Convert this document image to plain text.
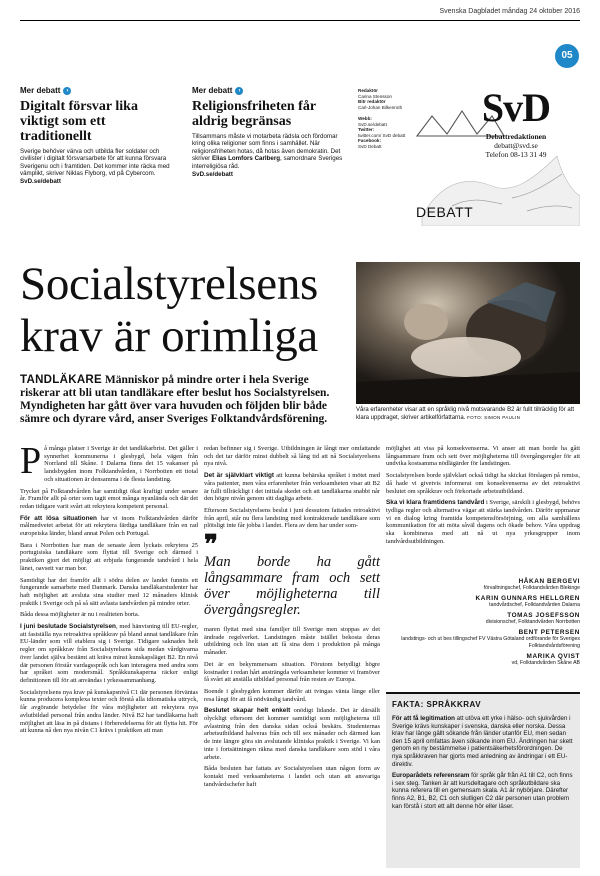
Svenska Dagbladet måndag 24 oktober 2016
05
Mer debatt ›
Digitalt försvar lika viktigt som ett traditionellt
Sverige behöver värva och utbilda fler soldater och civilister i digitalt försvarsarbete för att kunna försvara Sverigenu och i framtiden. Det kommer inte räcka med vämplikt, skriver Niklas Flyborg, vd på Cybercom.
SvD.se/debatt
Mer debatt ›
Religionsfriheten får aldrig begränsas
Tillsammans måste vi motarbeta rädsla och fördomar kring olika religioner som finns i samhället. När religionsfriheten hotas, då hotas även demokratin. Det skriver Elias Lomfors Carlberg, samordnare Sveriges interreligiösa råd.
SvD.se/debatt
Redaktör
Carina Stensson
Bitr redaktör
Carl-Johan Bilkenroth

Webb:
SvD.se/debatt
Twitter:
twitter.com/ SvD debatt
Facebook:
SvD Debatt
SvD
Debattredaktionen
debatt@svd.se
Telefon 08-13 31 49
DEBATT
Socialstyrelsens
krav är orimliga
TANDLÄKARE Människor på mindre orter i hela Sverige riskerar att bli utan tandläkare efter beslut hos Socialstyrelsen. Myndigheten har gått över vara huvuden och följden blir både sämre och dyrare vård, anser Sveriges Folktandvårdsförening.
Våra erfarenheter visar att en språklig nivå motsvarande B2 är fullt tillräcklig för att klara uppdraget, skriver artikelförfattarna. FOTO: SIMON PAULIN

På många platser i Sverige är det tandläkarbrist. Det gäller i synnerhet kommunerna i glesbygd, hela vägen från Norrland till Skåne. I Dalarna finns det 15 vakanser på landsbygden inom Folktandvården, i Norrbotten ett tiotal och situationen är densamma i de flesta landsting.

Trycket på Folktandvården har samtidigt ökat kraftigt under senare år. Framför allt på orter som tagit emot många nyanlända och där det redan tidigare varit svårt att rekrytera kompetent personal.

För att lösa situationen har vi inom Folktandvården därför målmedvetet arbetat för att rekrytera färdiga tandläkare från en rad europeiska länder, bland annat Polen och Portugal.

Bara i Norrbotten har man de senaste åren lyckats rekrytera 25 portugisiska tandläkare som flyttat till Sverige och därmed i praktiken gjort det möjligt att erbjuda fungerande tandvård i hela länet, oavsett var man bor.

Samtidigt har det framför allt i södra delen av landet funnits ett fungerande samarbete med Danmark. Danska tandläkarstudenter har haft möjlighet att avsluta sina studier med 12 månaders klinisk praktik i Sverige och på så sätt avlasta tandvården på mindre orter.

Båda dessa möjligheter är nu i realiteten borta.

I juni beslutade Socialstyrelsen, med hänvisning till EU-regler, att fastställa nya retroaktiva språkkrav på bland annat tandläkare från EU-länder som vill etablera sig i Sverige. Tidigare saknades helt regler om språkkrav från Socialstyrelsens sida medan vårdgivarna över landet själva bestämt att kräva minst kunskapsläget B2. En nivå där personen förstår vardagsspråk och kan interagera med andra som har språket som modersmål. Språkkunskaperna räcker enligt definitionen till för att användas i yrkessammanhang.

Socialstyrelsens nya krav på kunskapsnivå C1 där personen förväntas kunna producera komplexa texter och förstå alla idiomatiska uttryck, får avgörande betydelse för våra möjligheter att rekrytera nya avlutbildad personal från andra länder. Nivå B2 har tandläkarna haft möjlighet att läsa in på distans i förberedelserna för att flytta hit. För att kunna nå den nya nivån C1 krävs i praktiken att man

redan befinner sig i Sverige. Utbildningen är långt mer omfattande och det tar därför minst dubbelt så lång tid att nå Socialstyrelsens nya nivå.

Det är självklart viktigt att kunna behärska språket i mötet med våra patienter, men våra erfarenheter från verksamheten visar att B2 är fullt tillräckligt i det initiala skedet och att tandläkarna snabbt når den högre nivån genom sitt dagliga arbete.

Eftersom Socialstyrelsens beslut i juni dessutom fattades retroaktivt från april, står nu flera landsting med kontrakterade tandläkare som plötsligt inte får jobba i landet. Flera av dem har under som-

❞
Man borde ha gått långsammare fram och sett över möjligheterna till övergångsregler.

maren flyttat med sina familjer till Sverige men stoppas av det ändrade regelverket. Landstingen måste istället bekosta deras utbildning och lön utan att få sina dem i produktion på många månader.

Det är en bekymmersam situation. Förutom betydligt högre kostnader i redan hårt ansträngda verksamheter kommer vi framöver få svårt att anställa utbildad personal från resten av Europa.

Boende i glesbygden kommer därför att tvingas vänta länge eller resa långt för att få nödvändig tandvård.

Beslutet skapar helt enkelt onödigt lidande. Det är därsällt olyckligt eftersom det kommer samtidigt som möjligheterna till avlastning från den danska sidan också beskärs. Studenternas arbetsutbildand halveras från och till sex månader och därmed kan de inte längre göra sin avslutande kliniska praktik i Sverige. Vi kan inte i fortsättningen räkna med danska tandläkare som stöd i våra arbete.

Båda besluten har fattats av Socialstyrelsen utan någon form av kontakt med verksamheterna i landet och utan att ansvariga tandvårdschefer haft

möjlighet att visa på konsekvenserna. Vi anser att man borde ha gått långsammare fram och sett över möjligheterna till övergångsregler för att undvika kostsamma nödlägärder för landstingen.

Socialstyrelsen borde självklart också tidigt ha skickat förslagen på remiss, då hade vi givetvis informerat om konsekvenserna av det retroaktivt beslutet om språkkrav och förkortade arbetsutbildand.

Ska vi klara framtidens tandvård i Sverige, särskilt i glesbygd, behövs tydliga regler och alternativa vägar att stärka tandvården. Därför uppmanar vi en dialog kring framtida kompetensförsörjning, om alla samhällens kommunikation för att möta såväl dagens och ökade behov. Våra uppdrag ska kombineras med att nå ut nya yrkesgrupper inom tandvårdsutbildningen.

HÅKAN BERGEVI
förvaltningschef, Folktandvården Blekinge
KARIN GUNNARS HELLGREN
tandvårdschef, Folktandvården Dalarna
TOMAS JOSEFSSON
divisionschef, Folktandvården Norrbotten
BENT PETERSEN
landstings- och ut bes tillingschef FV Västra Götaland ordförande för Sveriges Folktandvårdsförening
MARIKA QVIST
vd, Folktandvården Skåne AB
FAKTA: SPRÅKKRAV

För att få legitimation att utöva ett yrke i hälso- och sjukvården i Sverige krävs kunskaper i svenska, danska eller norska. Dessa krav har länge gällt sökande från länder utanför EU, men sedan den 15 april omfattas även sökande inom EU. Ändringen har skett genom en ny bestämmelse i patientsäkerhetsförordningen. De nya språkkraven har gjorts med anledning av ändringar i ett EU-direktiv.

Europarådets referensram för språk går från A1 till C2, och finns i sex steg. Tanken är att kursdeltagare och språkutbildare ska kunna referera till en gemensam skala. A1 är nybörjare. Därefter finns A2, B1, B2, C1 och slutligen C2 där personen utan problem kan förstå i stort ett allt denne hör eller läser.
